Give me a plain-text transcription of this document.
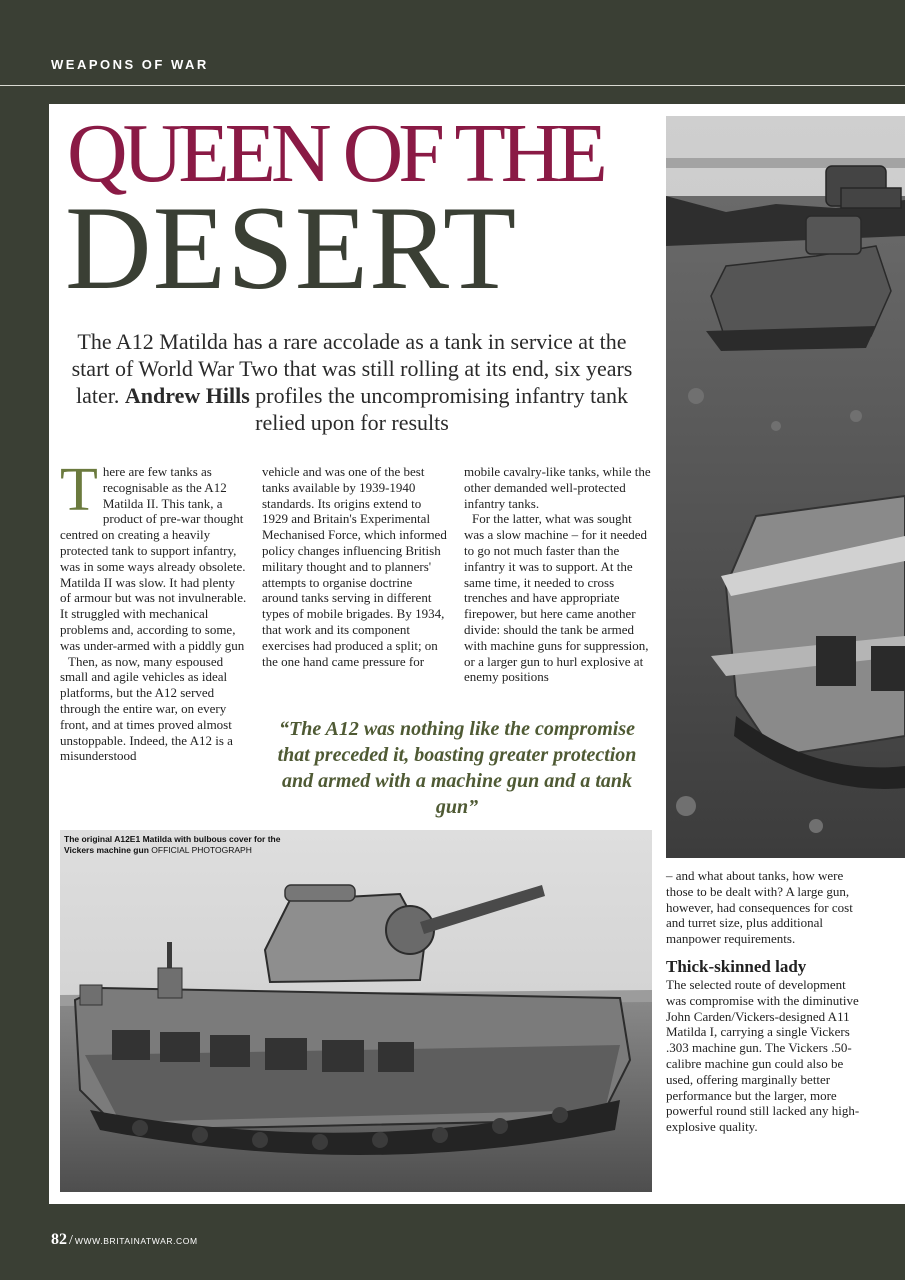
WEAPONS OF WAR
QUEEN OF THE
DESERT
The A12 Matilda has a rare accolade as a tank in service at the start of World War Two that was still rolling at its end, six years later. Andrew Hills profiles the uncompromising infantry tank relied upon for results

There are few tanks as recognisable as the A12 Matilda II. This tank, a product of pre-war thought centred on creating a heavily protected tank to support infantry, was in some ways already obsolete. Matilda II was slow. It had plenty of armour but was not invulnerable. It struggled with mechanical problems and, according to some, was under-armed with a piddly gun

Then, as now, many espoused small and agile vehicles as ideal platforms, but the A12 served through the entire war, on every front, and at times proved almost unstoppable. Indeed, the A12 is a misunderstood

vehicle and was one of the best tanks available by 1939-1940 standards. Its origins extend to 1929 and Britain's Experimental Mechanised Force, which informed policy changes influencing British military thought and to planners' attempts to organise doctrine around tanks serving in different types of mobile brigades. By 1934, that work and its component exercises had produced a split; on the one hand came pressure for

mobile cavalry-like tanks, while the other demanded well-protected infantry tanks.

For the latter, what was sought was a slow machine – for it needed to go not much faster than the infantry it was to support. At the same time, it needed to cross trenches and have appropriate firepower, but here came another divide: should the tank be armed with machine guns for suppression, or a larger gun to hurl explosive at enemy positions

“The A12 was nothing like the compromise that preceded it, boasting greater protection and armed with a machine gun and a tank gun”
The original A12E1 Matilda with bulbous cover for the Vickers machine gun OFFICIAL PHOTOGRAPH

– and what about tanks, how were those to be dealt with? A large gun, however, had consequences for cost and turret size, plus additional manpower requirements.

Thick-skinned lady

The selected route of development was compromise with the diminutive John Carden/Vickers-designed A11 Matilda I, carrying a single Vickers .303 machine gun. The Vickers .50-calibre machine gun could also be used, offering marginally better performance but the larger, more powerful round still lacked any high-explosive quality.

82 / WWW.BRITAINATWAR.COM
